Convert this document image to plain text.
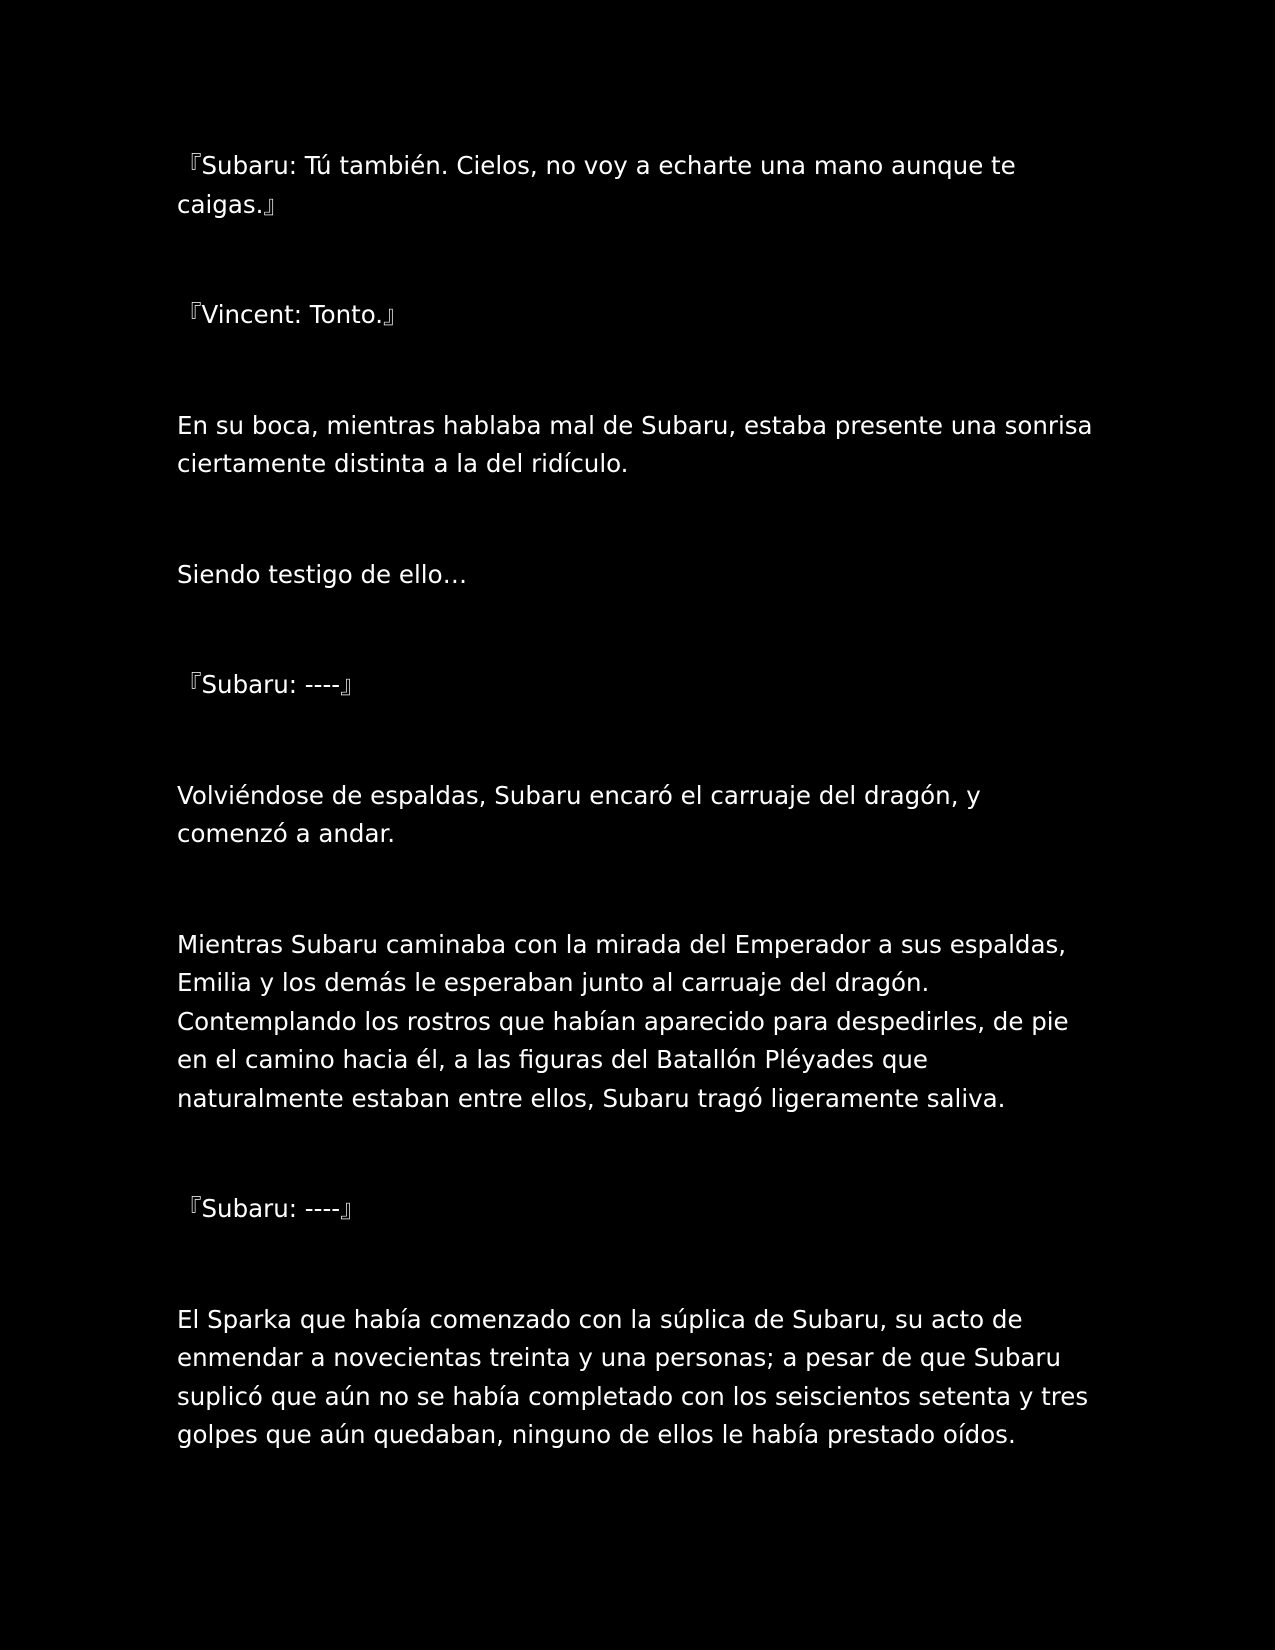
『Subaru: Tú también. Cielos, no voy a echarte una mano aunque te caigas.』

『Vincent: Tonto.』

En su boca, mientras hablaba mal de Subaru, estaba presente una sonrisa ciertamente distinta a la del ridículo.

Siendo testigo de ello…

『Subaru: ----』

Volviéndose de espaldas, Subaru encaró el carruaje del dragón, y comenzó a andar.

Mientras Subaru caminaba con la mirada del Emperador a sus espaldas, Emilia y los demás le esperaban junto al carruaje del dragón. Contemplando los rostros que habían aparecido para despedirles, de pie en el camino hacia él, a las figuras del Batallón Pléyades que naturalmente estaban entre ellos, Subaru tragó ligeramente saliva.

『Subaru: ----』

El Sparka que había comenzado con la súplica de Subaru, su acto de enmendar a novecientas treinta y una personas; a pesar de que Subaru suplicó que aún no se había completado con los seiscientos setenta y tres golpes que aún quedaban, ninguno de ellos le había prestado oídos.
